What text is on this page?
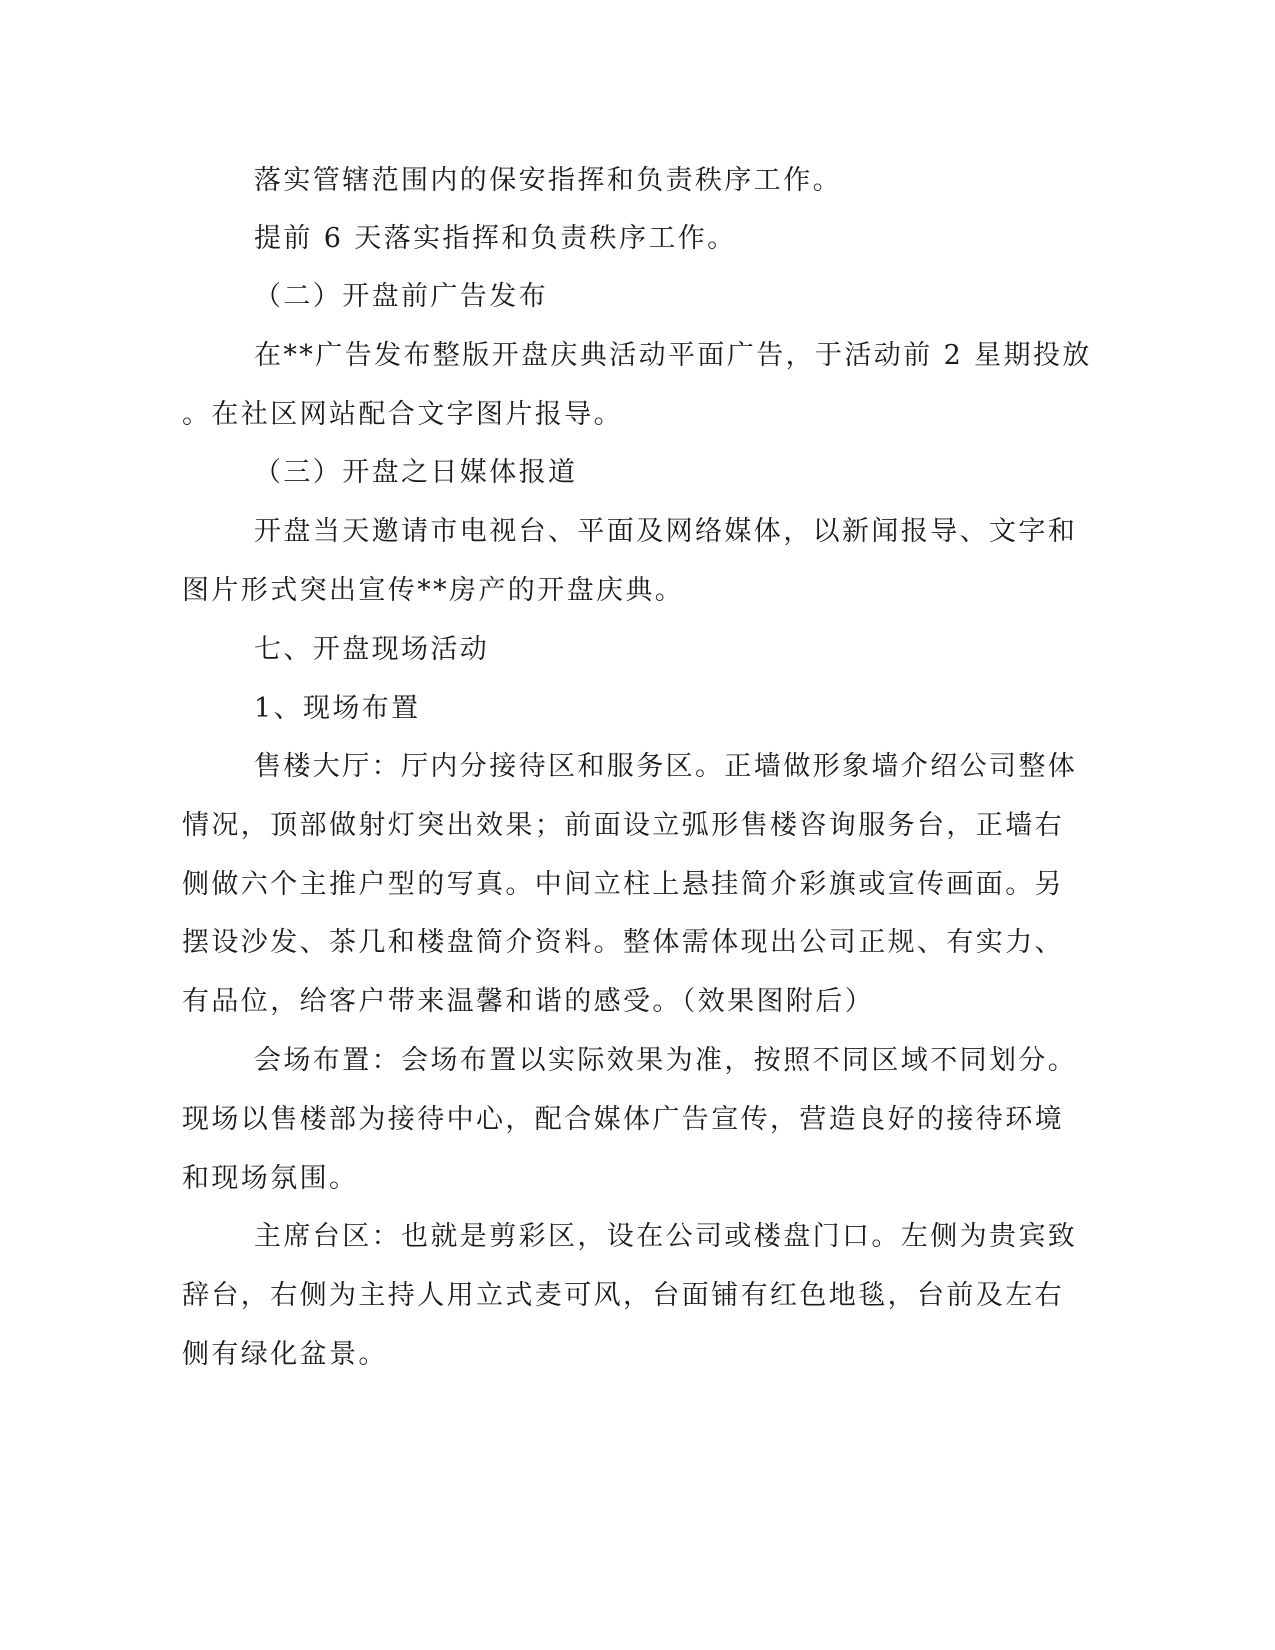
落实管辖范围内的保安指挥和负责秩序工作。
提前 6 天落实指挥和负责秩序工作。
（二）开盘前广告发布
在**广告发布整版开盘庆典活动平面广告，于活动前 2 星期投放
。在社区网站配合文字图片报导。
（三）开盘之日媒体报道
开盘当天邀请市电视台、平面及网络媒体，以新闻报导、文字和
图片形式突出宣传**房产的开盘庆典。
七、开盘现场活动
1、现场布置
售楼大厅：厅内分接待区和服务区。正墙做形象墙介绍公司整体
情况，顶部做射灯突出效果；前面设立弧形售楼咨询服务台，正墙右
侧做六个主推户型的写真。中间立柱上悬挂简介彩旗或宣传画面。另
摆设沙发、茶几和楼盘简介资料。整体需体现出公司正规、有实力、
有品位，给客户带来温馨和谐的感受。（效果图附后）
会场布置：会场布置以实际效果为准，按照不同区域不同划分。
现场以售楼部为接待中心，配合媒体广告宣传，营造良好的接待环境
和现场氛围。
主席台区：也就是剪彩区，设在公司或楼盘门口。左侧为贵宾致
辞台，右侧为主持人用立式麦可风，台面铺有红色地毯，台前及左右
侧有绿化盆景。
